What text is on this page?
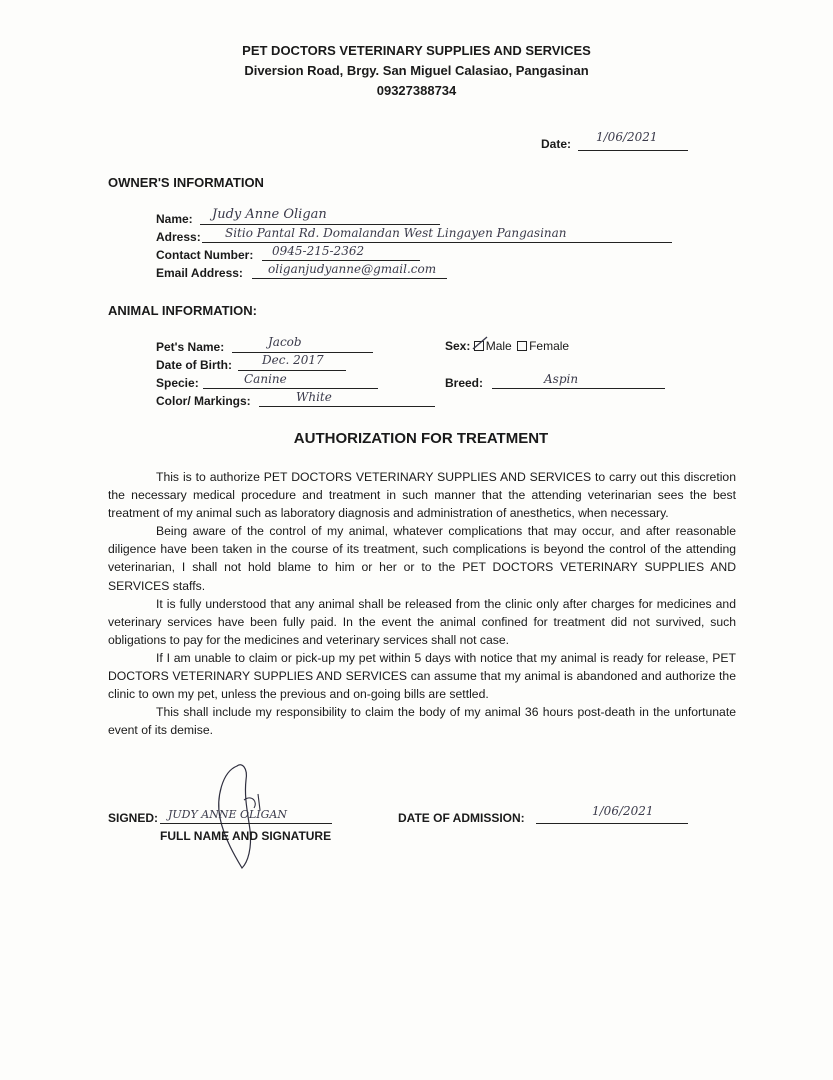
PET DOCTORS VETERINARY SUPPLIES AND SERVICES
Diversion Road, Brgy. San Miguel Calasiao, Pangasinan
09327388734
Date: 1/06/2021
OWNER'S INFORMATION
Name: Judy Anne Oligan
Adress: Sitio Pantal Rd. Domalandan West Lingayen Pangasinan
Contact Number: 0945-215-2362
Email Address: oliganjudyanne@gmail.com
ANIMAL INFORMATION:
Pet's Name:	Jacob
Date of Birth:	Dec. 2017
Specie:	Canine
Color/ Markings:	White
Sex: Male Female
Breed:	Aspin
AUTHORIZATION FOR TREATMENT

This is to authorize PET DOCTORS VETERINARY SUPPLIES AND SERVICES to carry out this discretion the necessary medical procedure and treatment in such manner that the attending veterinarian sees the best treatment of my animal such as laboratory diagnosis and administration of anesthetics, when necessary.

Being aware of the control of my animal, whatever complications that may occur, and after reasonable diligence have been taken in the course of its treatment, such complications is beyond the control of the attending veterinarian, I shall not hold blame to him or her or to the PET DOCTORS VETERINARY SUPPLIES AND SERVICES staffs.

It is fully understood that any animal shall be released from the clinic only after charges for medicines and veterinary services have been fully paid. In the event the animal confined for treatment did not survived, such obligations to pay for the medicines and veterinary services shall not case.

If I am unable to claim or pick-up my pet within 5 days with notice that my animal is ready for release, PET DOCTORS VETERINARY SUPPLIES AND SERVICES can assume that my animal is abandoned and authorize the clinic to own my pet, unless the previous and on-going bills are settled.

This shall include my responsibility to claim the body of my animal 36 hours post-death in the unfortunate event of its demise.

SIGNED: JUDY ANNE OLIGAN
FULL NAME AND SIGNATURE
DATE OF ADMISSION:	1/06/2021
